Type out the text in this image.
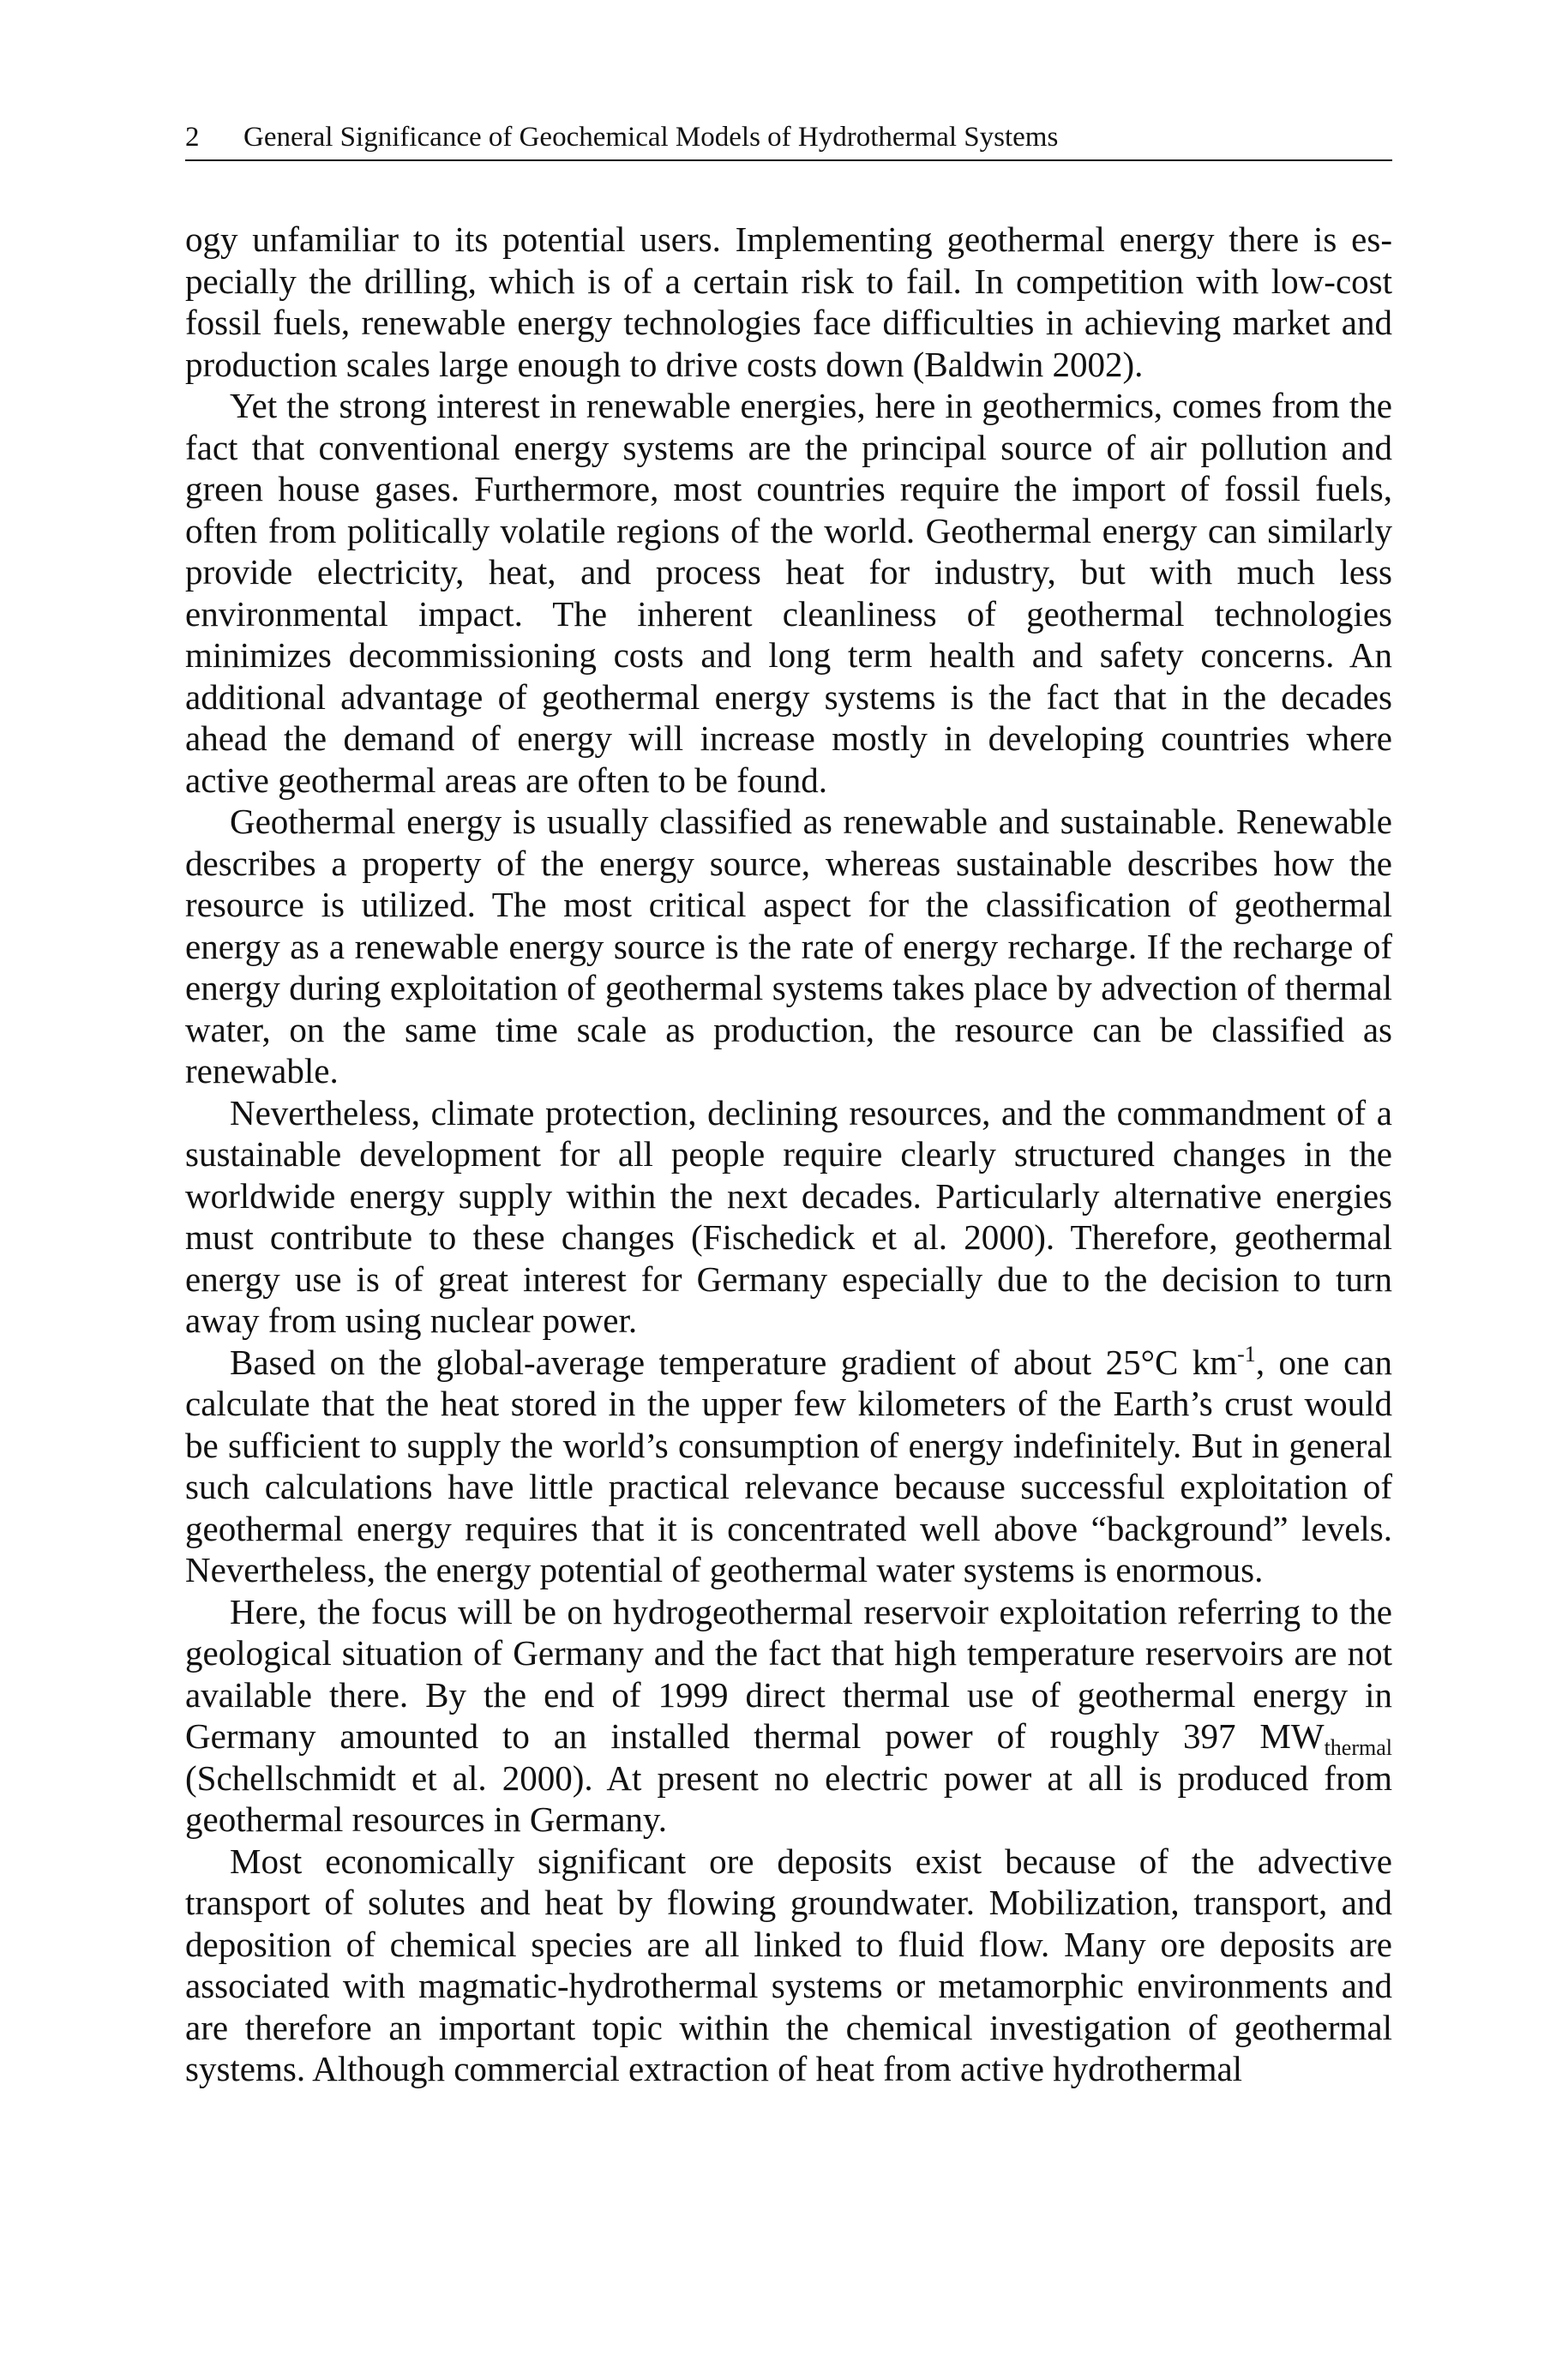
2 General Significance of Geochemical Models of Hydrothermal Systems

ogy unfamiliar to its potential users. Implementing geothermal energy there is especially the drilling, which is of a certain risk to fail. In competition with low-cost fossil fuels, renewable energy technologies face difficulties in achieving market and production scales large enough to drive costs down (Baldwin 2002).

Yet the strong interest in renewable energies, here in geothermics, comes from the fact that conventional energy systems are the principal source of air pollution and green house gases. Furthermore, most countries require the import of fossil fuels, often from politically volatile regions of the world. Geothermal energy can similarly provide electricity, heat, and process heat for industry, but with much less environmental impact. The inherent cleanliness of geothermal technologies minimizes decommissioning costs and long term health and safety concerns. An additional advantage of geothermal energy systems is the fact that in the decades ahead the demand of energy will increase mostly in developing countries where active geothermal areas are often to be found.

Geothermal energy is usually classified as renewable and sustainable. Renewable describes a property of the energy source, whereas sustainable describes how the resource is utilized. The most critical aspect for the classification of geothermal energy as a renewable energy source is the rate of energy recharge. If the recharge of energy during exploitation of geothermal systems takes place by advection of thermal water, on the same time scale as production, the resource can be classified as renewable.

Nevertheless, climate protection, declining resources, and the commandment of a sustainable development for all people require clearly structured changes in the worldwide energy supply within the next decades. Particularly alternative energies must contribute to these changes (Fischedick et al. 2000). Therefore, geothermal energy use is of great interest for Germany especially due to the decision to turn away from using nuclear power.

Based on the global-average temperature gradient of about 25°C $km^{-1}$, one can calculate that the heat stored in the upper few kilometers of the Earth’s crust would be sufficient to supply the world’s consumption of energy indefinitely. But in general such calculations have little practical relevance because successful exploitation of geothermal energy requires that it is concentrated well above “background” levels. Nevertheless, the energy potential of geothermal water systems is enormous.

Here, the focus will be on hydrogeothermal reservoir exploitation referring to the geological situation of Germany and the fact that high temperature reservoirs are not available there. By the end of 1999 direct thermal use of geothermal energy in Germany amounted to an installed thermal power of roughly 397 $MW_{thermal}$ (Schellschmidt et al. 2000). At present no electric power at all is produced from geothermal resources in Germany.

Most economically significant ore deposits exist because of the advective transport of solutes and heat by flowing groundwater. Mobilization, transport, and deposition of chemical species are all linked to fluid flow. Many ore deposits are associated with magmatic-hydrothermal systems or metamorphic environments and are therefore an important topic within the chemical investigation of geothermal systems. Although commercial extraction of heat from active hydrothermal
